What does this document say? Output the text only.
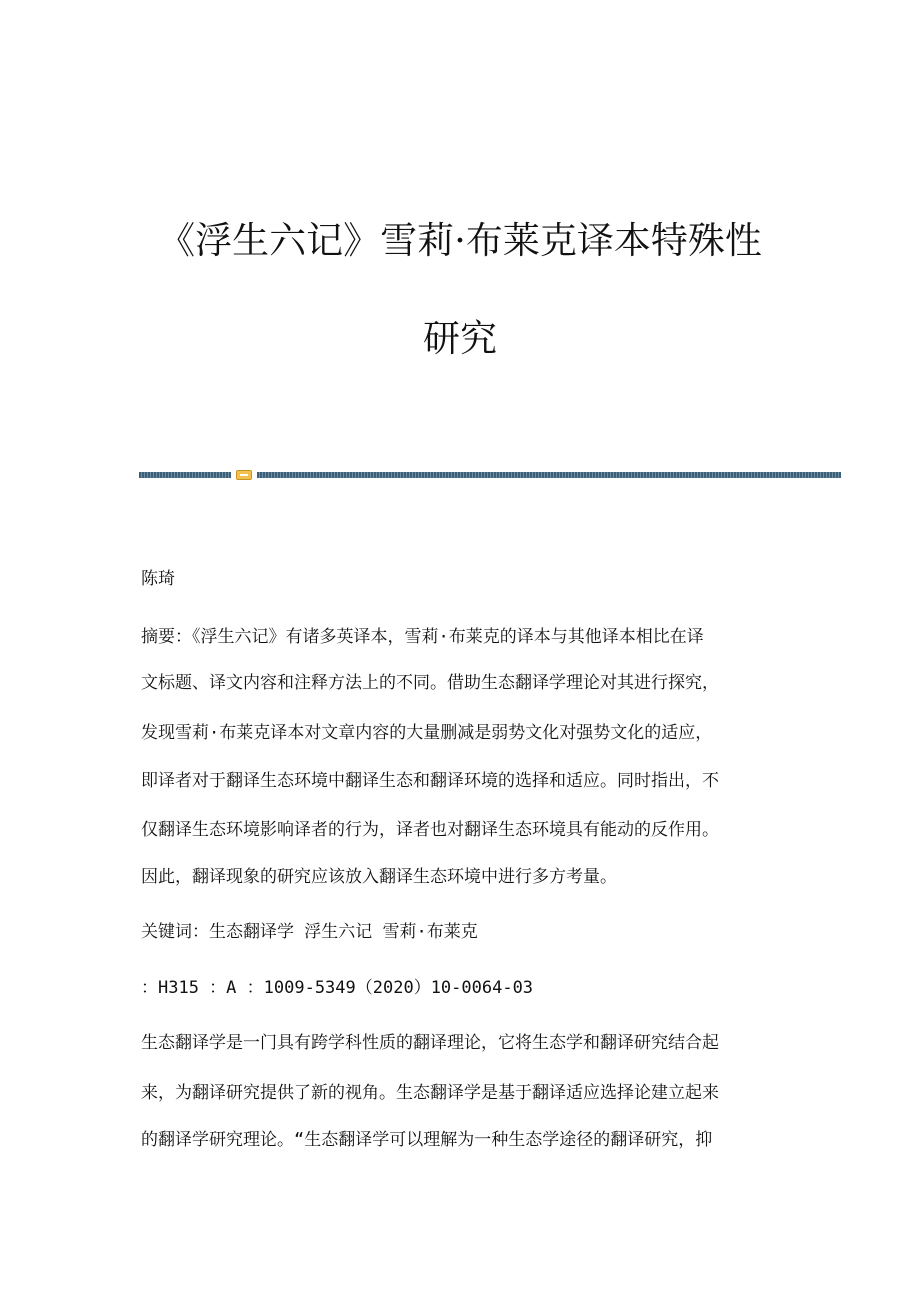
《浮生六记》雪莉·布莱克译本特殊性
研究

陈琦

摘要：《浮生六记》有诸多英译本，雪莉·布莱克的译本与其他译本相比在译

文标题、译文内容和注释方法上的不同。借助生态翻译学理论对其进行探究，

发现雪莉·布莱克译本对文章内容的大量删减是弱势文化对强势文化的适应，

即译者对于翻译生态环境中翻译生态和翻译环境的选择和适应。同时指出，不

仅翻译生态环境影响译者的行为，译者也对翻译生态环境具有能动的反作用。

因此，翻译现象的研究应该放入翻译生态环境中进行多方考量。

关键词：生态翻译学 浮生六记 雪莉·布莱克

：H315 ：A ：1009-5349（2020）10-0064-03

生态翻译学是一门具有跨学科性质的翻译理论，它将生态学和翻译研究结合起

来，为翻译研究提供了新的视角。生态翻译学是基于翻译适应选择论建立起来

的翻译学研究理论。“生态翻译学可以理解为一种生态学途径的翻译研究，抑
